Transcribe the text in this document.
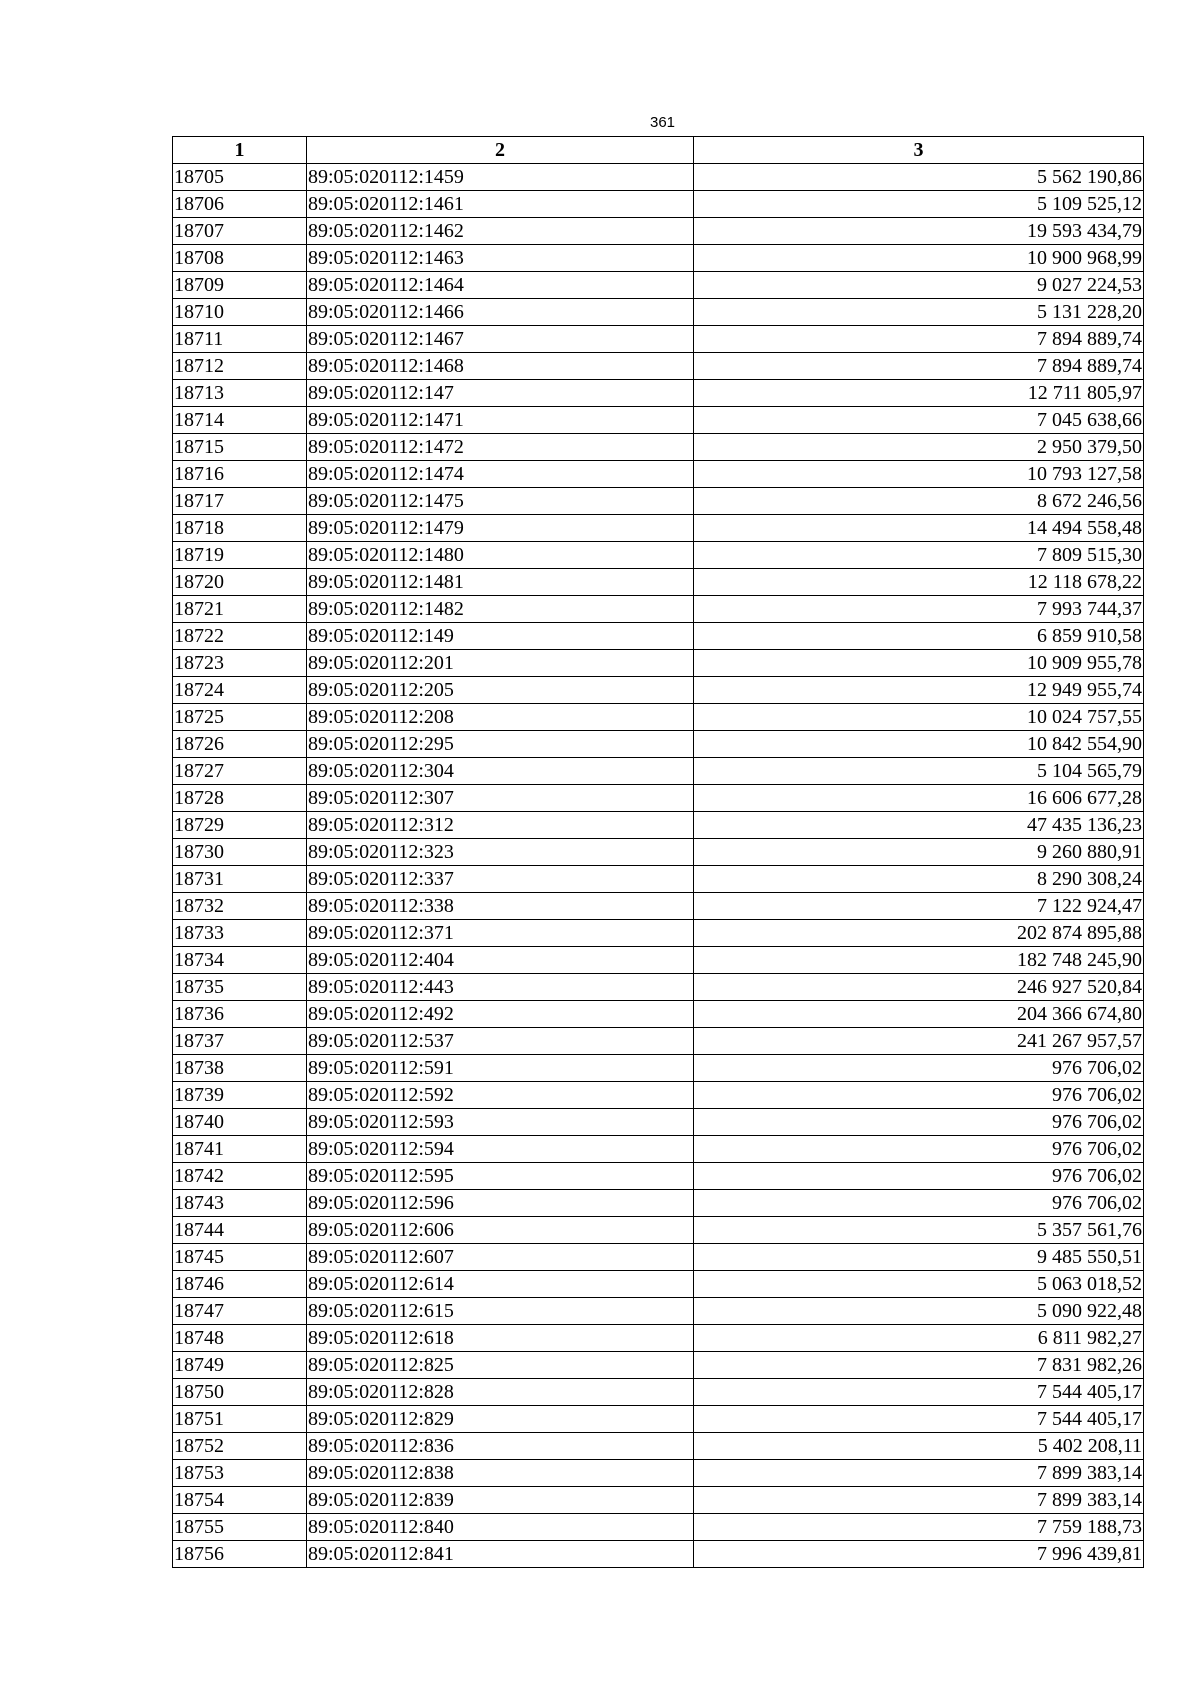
361
1	2	3
18705	89:05:020112:1459	5 562 190,86
18706	89:05:020112:1461	5 109 525,12
18707	89:05:020112:1462	19 593 434,79
18708	89:05:020112:1463	10 900 968,99
18709	89:05:020112:1464	9 027 224,53
18710	89:05:020112:1466	5 131 228,20
18711	89:05:020112:1467	7 894 889,74
18712	89:05:020112:1468	7 894 889,74
18713	89:05:020112:147	12 711 805,97
18714	89:05:020112:1471	7 045 638,66
18715	89:05:020112:1472	2 950 379,50
18716	89:05:020112:1474	10 793 127,58
18717	89:05:020112:1475	8 672 246,56
18718	89:05:020112:1479	14 494 558,48
18719	89:05:020112:1480	7 809 515,30
18720	89:05:020112:1481	12 118 678,22
18721	89:05:020112:1482	7 993 744,37
18722	89:05:020112:149	6 859 910,58
18723	89:05:020112:201	10 909 955,78
18724	89:05:020112:205	12 949 955,74
18725	89:05:020112:208	10 024 757,55
18726	89:05:020112:295	10 842 554,90
18727	89:05:020112:304	5 104 565,79
18728	89:05:020112:307	16 606 677,28
18729	89:05:020112:312	47 435 136,23
18730	89:05:020112:323	9 260 880,91
18731	89:05:020112:337	8 290 308,24
18732	89:05:020112:338	7 122 924,47
18733	89:05:020112:371	202 874 895,88
18734	89:05:020112:404	182 748 245,90
18735	89:05:020112:443	246 927 520,84
18736	89:05:020112:492	204 366 674,80
18737	89:05:020112:537	241 267 957,57
18738	89:05:020112:591	976 706,02
18739	89:05:020112:592	976 706,02
18740	89:05:020112:593	976 706,02
18741	89:05:020112:594	976 706,02
18742	89:05:020112:595	976 706,02
18743	89:05:020112:596	976 706,02
18744	89:05:020112:606	5 357 561,76
18745	89:05:020112:607	9 485 550,51
18746	89:05:020112:614	5 063 018,52
18747	89:05:020112:615	5 090 922,48
18748	89:05:020112:618	6 811 982,27
18749	89:05:020112:825	7 831 982,26
18750	89:05:020112:828	7 544 405,17
18751	89:05:020112:829	7 544 405,17
18752	89:05:020112:836	5 402 208,11
18753	89:05:020112:838	7 899 383,14
18754	89:05:020112:839	7 899 383,14
18755	89:05:020112:840	7 759 188,73
18756	89:05:020112:841	7 996 439,81
